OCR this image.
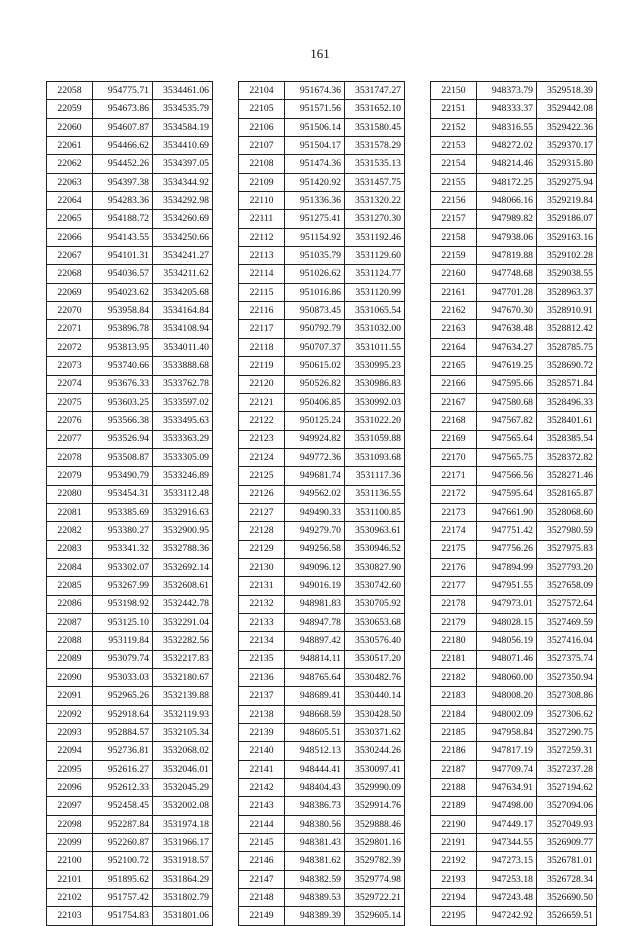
161
22058	954775.71	3534461.06
22059	954673.86	3534535.79
22060	954607.87	3534584.19
22061	954466.62	3534410.69
22062	954452.26	3534397.05
22063	954397.38	3534344.92
22064	954283.36	3534292.98
22065	954188.72	3534260.69
22066	954143.55	3534250.66
22067	954101.31	3534241.27
22068	954036.57	3534211.62
22069	954023.62	3534205.68
22070	953958.84	3534164.84
22071	953896.78	3534108.94
22072	953813.95	3534011.40
22073	953740.66	3533888.68
22074	953676.33	3533762.78
22075	953603.25	3533597.02
22076	953566.38	3533495.63
22077	953526.94	3533363.29
22078	953508.87	3533305.09
22079	953490.79	3533246.89
22080	953454.31	3533112.48
22081	953385.69	3532916.63
22082	953380.27	3532900.95
22083	953341.32	3532788.36
22084	953302.07	3532692.14
22085	953267.99	3532608.61
22086	953198.92	3532442.78
22087	953125.10	3532291.04
22088	953119.84	3532282.56
22089	953079.74	3532217.83
22090	953033.03	3532180.67
22091	952965.26	3532139.88
22092	952918.64	3532119.93
22093	952884.57	3532105.34
22094	952736.81	3532068.02
22095	952616.27	3532046.01
22096	952612.33	3532045.29
22097	952458.45	3532002.08
22098	952287.84	3531974.18
22099	952260.87	3531966.17
22100	952100.72	3531918.57
22101	951895.62	3531864.29
22102	951757.42	3531802.79
22103	951754.83	3531801.06
22104	951674.36	3531747.27
22105	951571.56	3531652.10
22106	951506.14	3531580.45
22107	951504.17	3531578.29
22108	951474.36	3531535.13
22109	951420.92	3531457.75
22110	951336.36	3531320.22
22111	951275.41	3531270.30
22112	951154.92	3531192.46
22113	951035.79	3531129.60
22114	951026.62	3531124.77
22115	951016.86	3531120.99
22116	950873.45	3531065.54
22117	950792.79	3531032.00
22118	950707.37	3531011.55
22119	950615.02	3530995.23
22120	950526.82	3530986.83
22121	950406.85	3530992.03
22122	950125.24	3531022.20
22123	949924.82	3531059.88
22124	949772.36	3531093.68
22125	949681.74	3531117.36
22126	949562.02	3531136.55
22127	949490.33	3531100.85
22128	949279.70	3530963.61
22129	949256.58	3530946.52
22130	949096.12	3530827.90
22131	949016.19	3530742.60
22132	948981.83	3530705.92
22133	948947.78	3530653.68
22134	948897.42	3530576.40
22135	948814.11	3530517.20
22136	948765.64	3530482.76
22137	948689.41	3530440.14
22138	948668.59	3530428.50
22139	948605.51	3530371.62
22140	948512.13	3530244.26
22141	948444.41	3530097.41
22142	948404.43	3529990.09
22143	948386.73	3529914.76
22144	948380.56	3529888.46
22145	948381.43	3529801.16
22146	948381.62	3529782.39
22147	948382.59	3529774.98
22148	948389.53	3529722.21
22149	948389.39	3529605.14
22150	948373.79	3529518.39
22151	948333.37	3529442.08
22152	948316.55	3529422.36
22153	948272.02	3529370.17
22154	948214.46	3529315.80
22155	948172.25	3529275.94
22156	948066.16	3529219.84
22157	947989.82	3529186.07
22158	947938.06	3529163.16
22159	947819.88	3529102.28
22160	947748.68	3529038.55
22161	947701.28	3528963.37
22162	947670.30	3528910.91
22163	947638.48	3528812.42
22164	947634.27	3528785.75
22165	947619.25	3528690.72
22166	947595.66	3528571.84
22167	947580.68	3528496.33
22168	947567.82	3528401.61
22169	947565.64	3528385.54
22170	947565.75	3528372.82
22171	947566.56	3528271.46
22172	947595.64	3528165.87
22173	947661.90	3528068.60
22174	947751.42	3527980.59
22175	947756.26	3527975.83
22176	947894.99	3527793.20
22177	947951.55	3527658.09
22178	947973.01	3527572.64
22179	948028.15	3527469.59
22180	948056.19	3527416.04
22181	948071.46	3527375.74
22182	948060.00	3527350.94
22183	948008.20	3527308.86
22184	948002.09	3527306.62
22185	947958.84	3527290.75
22186	947817.19	3527259.31
22187	947709.74	3527237.28
22188	947634.91	3527194.62
22189	947498.00	3527094.06
22190	947449.17	3527049.93
22191	947344.55	3526909.77
22192	947273.15	3526781.01
22193	947253.18	3526728.34
22194	947243.48	3526690.50
22195	947242.92	3526659.51
